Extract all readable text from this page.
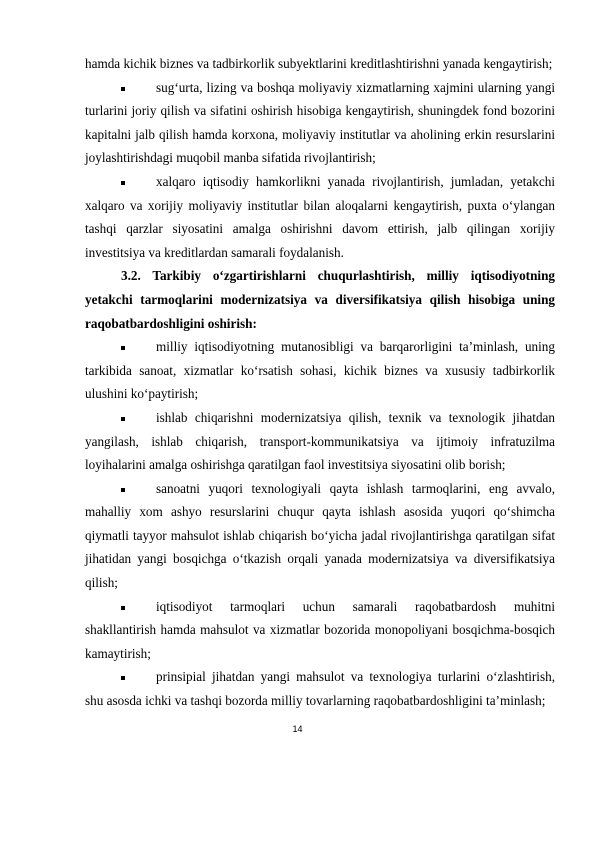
hamda kichik biznes va tadbirkorlik subyektlarini kreditlashtirishni yanada kengaytirish;

sug‘urta, lizing va boshqa moliyaviy xizmatlarning xajmini ularning yangi turlarini joriy qilish va sifatini oshirish hisobiga kengaytirish, shuningdek fond bozorini kapitalni jalb qilish hamda korxona, moliyaviy institutlar va aholining erkin resurslarini joylashtirishdagi muqobil manba sifatida rivojlantirish;

xalqaro iqtisodiy hamkorlikni yanada rivojlantirish, jumladan, yetakchi xalqaro va xorijiy moliyaviy institutlar bilan aloqalarni kengaytirish, puxta o‘ylangan tashqi qarzlar siyosatini amalga oshirishni davom ettirish, jalb qilingan xorijiy investitsiya va kreditlardan samarali foydalanish.

3.2. Tarkibiy o‘zgartirishlarni chuqurlashtirish, milliy iqtisodiyotning yetakchi tarmoqlarini modernizatsiya va diversifikatsiya qilish hisobiga uning raqobatbardoshligini oshirish:

milliy iqtisodiyotning mutanosibligi va barqarorligini ta’minlash, uning tarkibida sanoat, xizmatlar ko‘rsatish sohasi, kichik biznes va xususiy tadbirkorlik ulushini ko‘paytirish;

ishlab chiqarishni modernizatsiya qilish, texnik va texnologik jihatdan yangilash, ishlab chiqarish, transport-kommunikatsiya va ijtimoiy infratuzilma loyihalarini amalga oshirishga qaratilgan faol investitsiya siyosatini olib borish;

sanoatni yuqori texnologiyali qayta ishlash tarmoqlarini, eng avvalo, mahalliy xom ashyo resurslarini chuqur qayta ishlash asosida yuqori qo‘shimcha qiymatli tayyor mahsulot ishlab chiqarish bo‘yicha jadal rivojlantirishga qaratilgan sifat jihatidan yangi bosqichga o‘tkazish orqali yanada modernizatsiya va diversifikatsiya qilish;

iqtisodiyot tarmoqlari uchun samarali raqobatbardosh muhitni shakllantirish hamda mahsulot va xizmatlar bozorida monopoliyani bosqichma-bosqich kamaytirish;

prinsipial jihatdan yangi mahsulot va texnologiya turlarini o‘zlashtirish, shu asosda ichki va tashqi bozorda milliy tovarlarning raqobatbardoshligini ta’minlash;

14
